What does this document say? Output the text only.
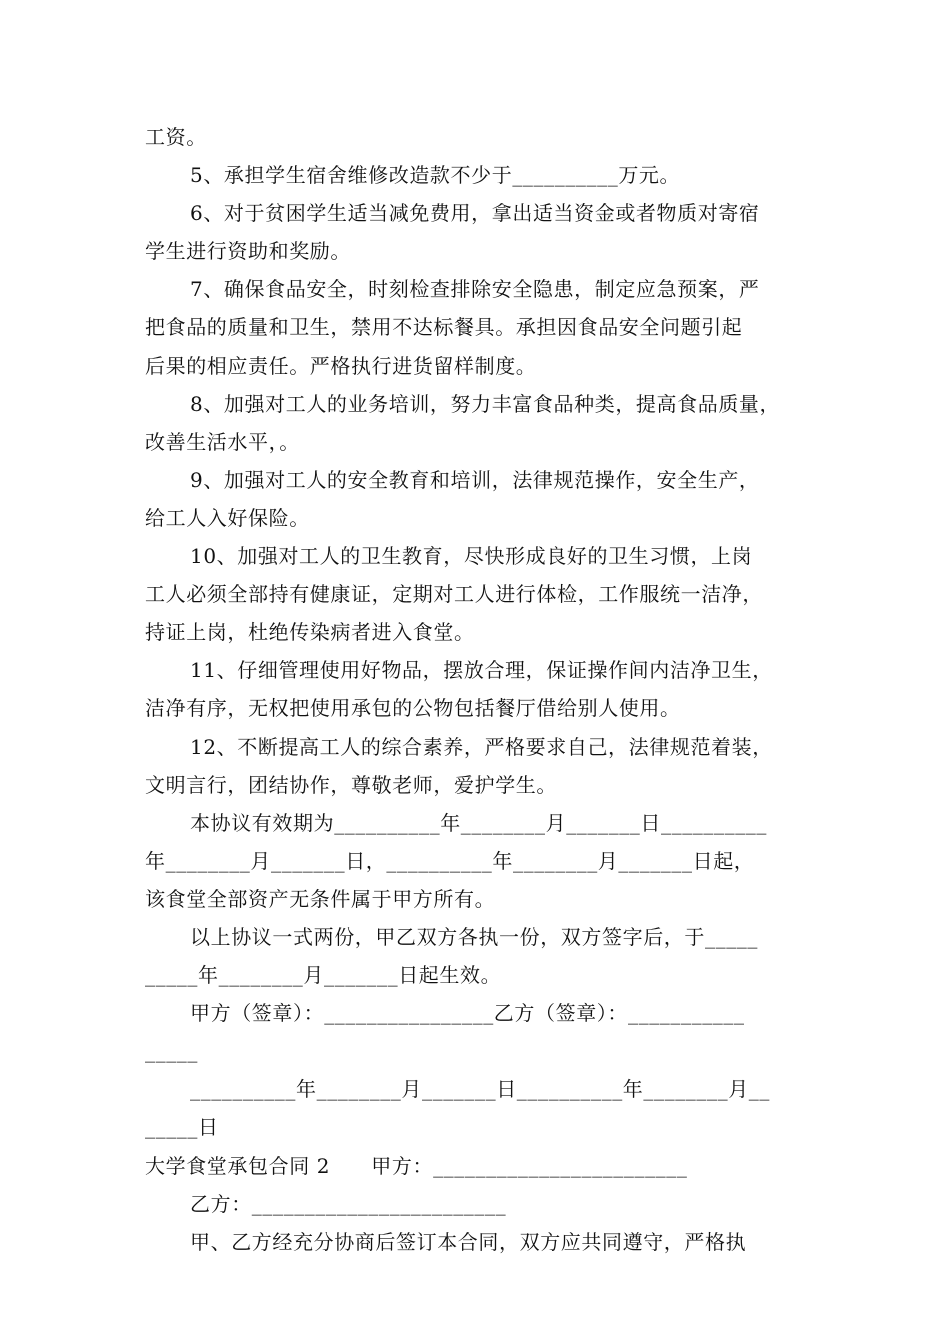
工资。
5、承担学生宿舍维修改造款不少于__________万元。
6、对于贫困学生适当减免费用，拿出适当资金或者物质对寄宿
学生进行资助和奖励。
7、确保食品安全，时刻检查排除安全隐患，制定应急预案，严
把食品的质量和卫生，禁用不达标餐具。承担因食品安全问题引起
后果的相应责任。严格执行进货留样制度。
8、加强对工人的业务培训，努力丰富食品种类，提高食品质量，
改善生活水平，。
9、加强对工人的安全教育和培训，法律规范操作，安全生产，
给工人入好保险。
10、加强对工人的卫生教育，尽快形成良好的卫生习惯，上岗
工人必须全部持有健康证，定期对工人进行体检，工作服统一洁净，
持证上岗，杜绝传染病者进入食堂。
11、仔细管理使用好物品，摆放合理，保证操作间内洁净卫生，
洁净有序，无权把使用承包的公物包括餐厅借给别人使用。
12、不断提高工人的综合素养，严格要求自己，法律规范着装，
文明言行，团结协作，尊敬老师，爱护学生。
本协议有效期为__________年________月_______日__________
年________月_______日，__________年________月_______日起，
该食堂全部资产无条件属于甲方所有。
以上协议一式两份，甲乙双方各执一份，双方签字后，于_____
_____年________月_______日起生效。
甲方（签章）：________________乙方（签章）：___________
_____
__________年________月_______日__________年________月__
_____日
大学食堂承包合同 2　　甲方：________________________
乙方：________________________
甲、乙方经充分协商后签订本合同，双方应共同遵守，严格执
